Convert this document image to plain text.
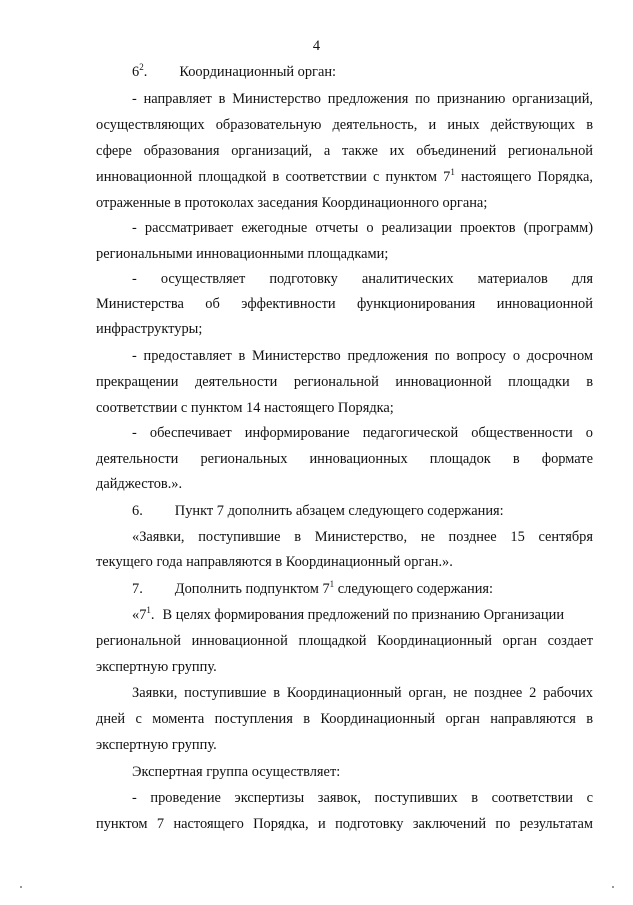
4
$6^2$. Координационный орган:
- направляет в Министерство предложения по признанию организаций,
осуществляющих образовательную деятельность, и иных действующих в
сфере образования организаций, а также их объединений региональной
инновационной площадкой в соответствии с пунктом $7^1$ настоящего Порядка,
отраженные в протоколах заседания Координационного органа;
- рассматривает ежегодные отчеты о реализации проектов (программ)
региональными инновационными площадками;
- осуществляет подготовку аналитических материалов для
Министерства об эффективности функционирования инновационной
инфраструктуры;
- предоставляет в Министерство предложения по вопросу о досрочном
прекращении деятельности региональной инновационной площадки в
соответствии с пунктом 14 настоящего Порядка;
- обеспечивает информирование педагогической общественности о
деятельности региональных инновационных площадок в формате
дайджестов.».
6. Пункт 7 дополнить абзацем следующего содержания:
«Заявки, поступившие в Министерство, не позднее 15 сентября
текущего года направляются в Координационный орган.».
7. Дополнить подпунктом $7^1$ следующего содержания:
«$7^1$. В целях формирования предложений по признанию Организации
региональной инновационной площадкой Координационный орган создает
экспертную группу.
Заявки, поступившие в Координационный орган, не позднее 2 рабочих
дней с момента поступления в Координационный орган направляются в
экспертную группу.
Экспертная группа осуществляет:
- проведение экспертизы заявок, поступивших в соответствии с
пунктом 7 настоящего Порядка, и подготовку заключений по результатам
